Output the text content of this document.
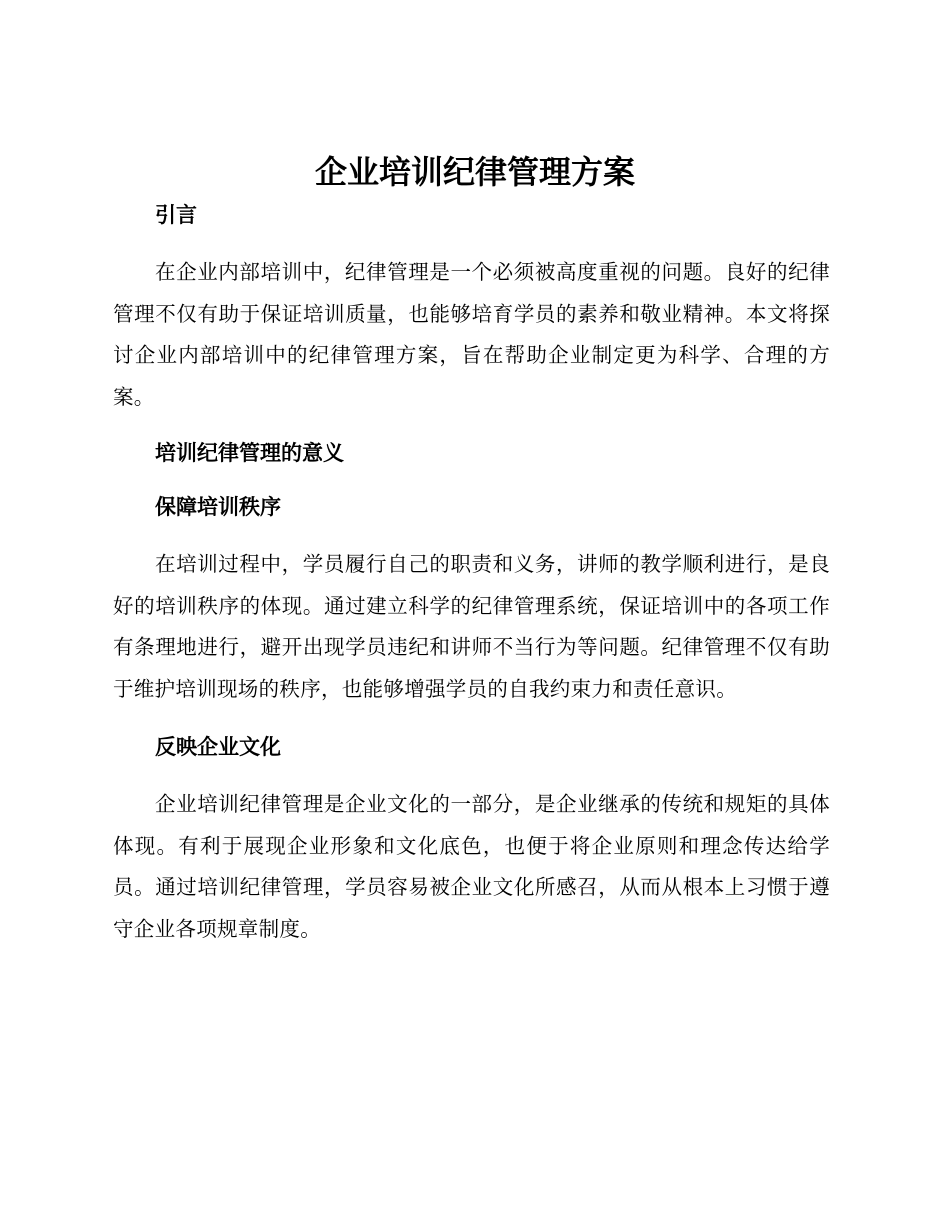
企业培训纪律管理方案
引言

在企业内部培训中，纪律管理是一个必须被高度重视的问题。良好的纪律管理不仅有助于保证培训质量，也能够培育学员的素养和敬业精神。本文将探讨企业内部培训中的纪律管理方案，旨在帮助企业制定更为科学、合理的方案。

培训纪律管理的意义
保障培训秩序

在培训过程中，学员履行自己的职责和义务，讲师的教学顺利进行，是良好的培训秩序的体现。通过建立科学的纪律管理系统，保证培训中的各项工作有条理地进行，避开出现学员违纪和讲师不当行为等问题。纪律管理不仅有助于维护培训现场的秩序，也能够增强学员的自我约束力和责任意识。

反映企业文化

企业培训纪律管理是企业文化的一部分，是企业继承的传统和规矩的具体体现。有利于展现企业形象和文化底色，也便于将企业原则和理念传达给学员。通过培训纪律管理，学员容易被企业文化所感召，从而从根本上习惯于遵守企业各项规章制度。
